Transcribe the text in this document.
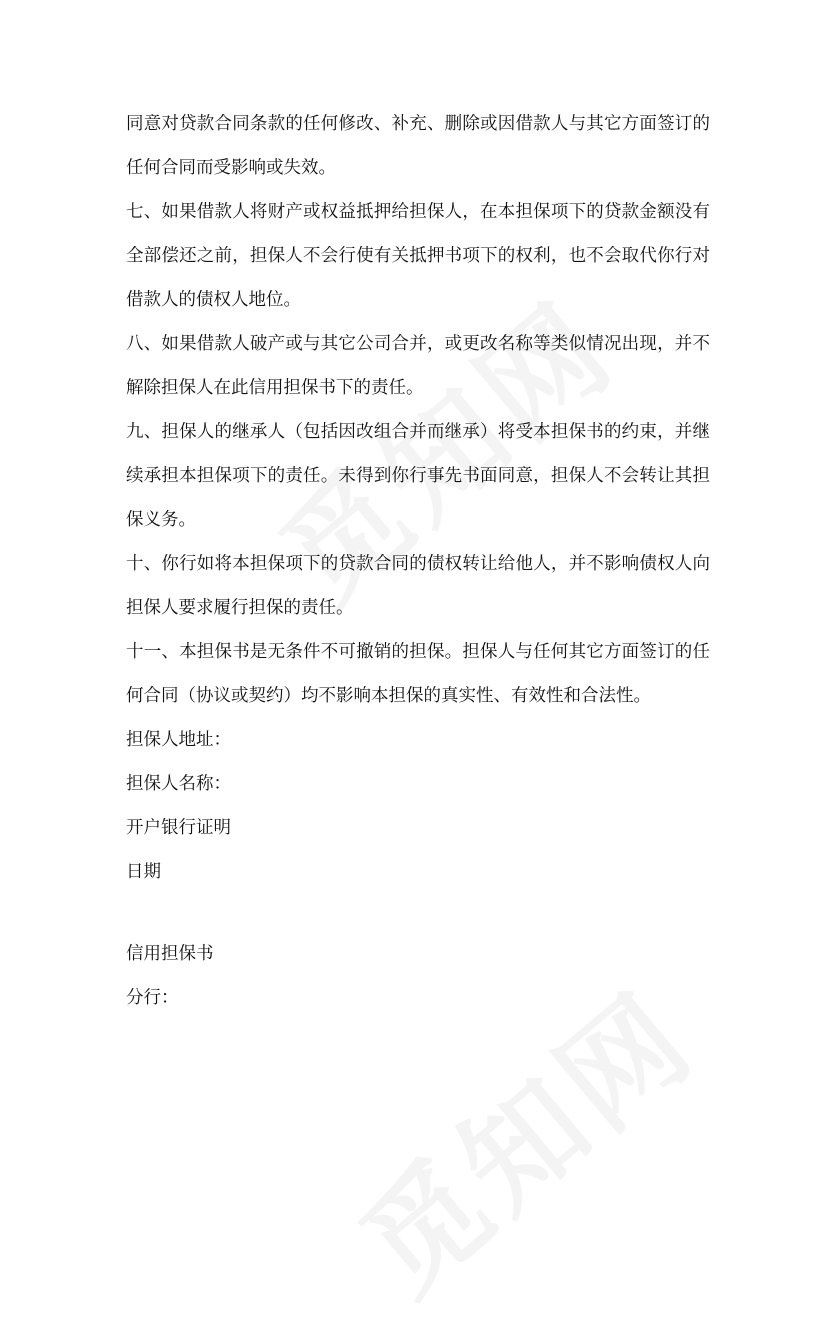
同意对贷款合同条款的任何修改、补充、删除或因借款人与其它方面签订的任何合同而受影响或失效。

七、如果借款人将财产或权益抵押给担保人，在本担保项下的贷款金额没有全部偿还之前，担保人不会行使有关抵押书项下的权利，也不会取代你行对借款人的债权人地位。

八、如果借款人破产或与其它公司合并，或更改名称等类似情况出现，并不解除担保人在此信用担保书下的责任。

九、担保人的继承人（包括因改组合并而继承）将受本担保书的约束，并继续承担本担保项下的责任。未得到你行事先书面同意，担保人不会转让其担保义务。

十、你行如将本担保项下的贷款合同的债权转让给他人，并不影响债权人向担保人要求履行担保的责任。

十一、本担保书是无条件不可撤销的担保。担保人与任何其它方面签订的任何合同（协议或契约）均不影响本担保的真实性、有效性和合法性。

担保人地址：

担保人名称：

开户银行证明

日期

信用担保书

分行：
